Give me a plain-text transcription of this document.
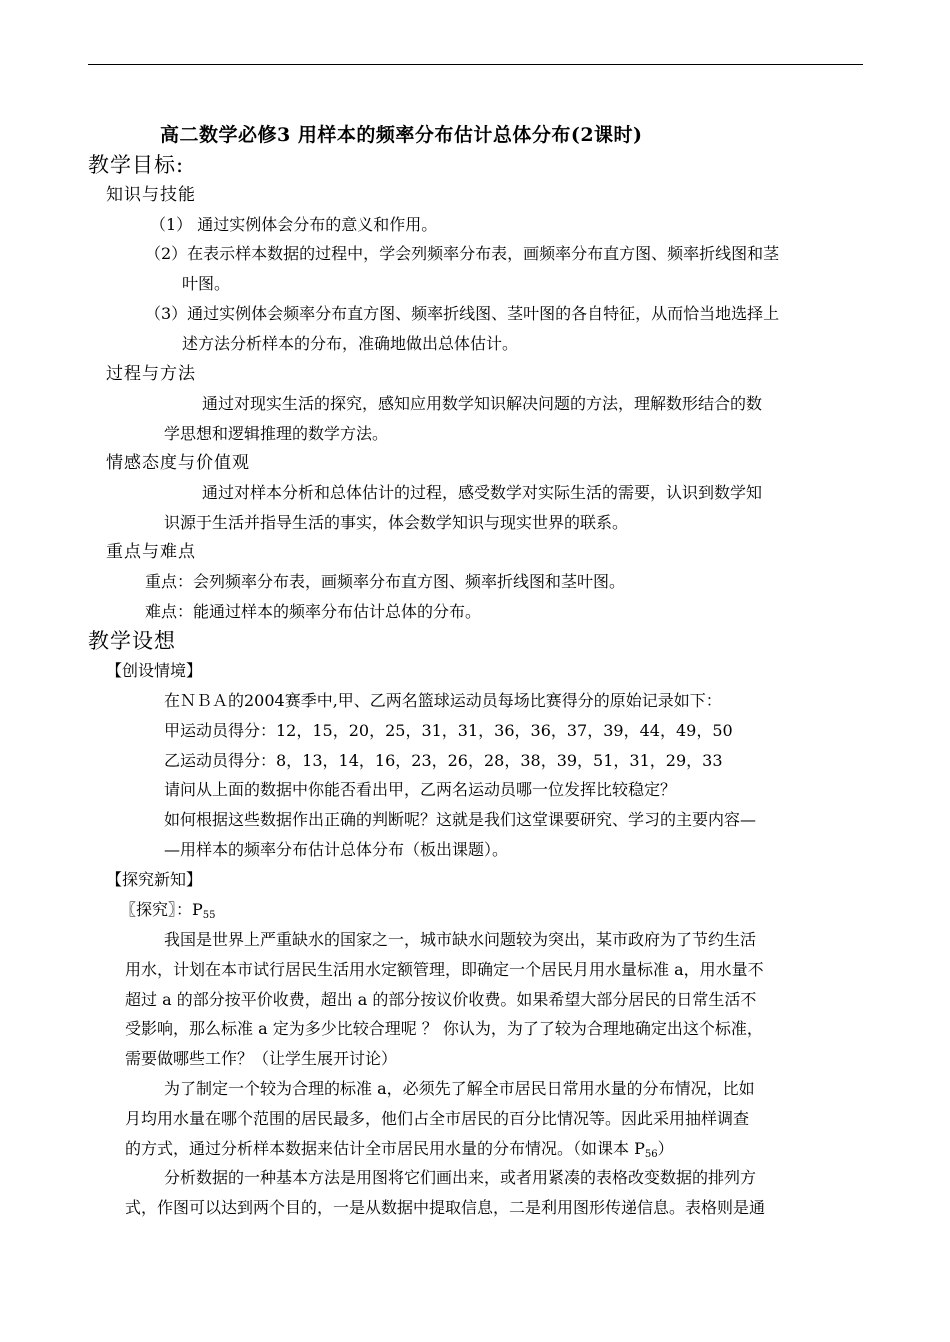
高二数学必修3 用样本的频率分布估计总体分布(2课时)
教学目标:
知识与技能
（1） 通过实例体会分布的意义和作用。
（2）在表示样本数据的过程中，学会列频率分布表，画频率分布直方图、频率折线图和茎
叶图。
（3）通过实例体会频率分布直方图、频率折线图、茎叶图的各自特征，从而恰当地选择上
述方法分析样本的分布，准确地做出总体估计。
过程与方法
通过对现实生活的探究，感知应用数学知识解决问题的方法，理解数形结合的数
学思想和逻辑推理的数学方法。
情感态度与价值观
通过对样本分析和总体估计的过程，感受数学对实际生活的需要，认识到数学知
识源于生活并指导生活的事实，体会数学知识与现实世界的联系。
重点与难点
重点：会列频率分布表，画频率分布直方图、频率折线图和茎叶图。
难点：能通过样本的频率分布估计总体的分布。
教学设想
【创设情境】
在ＮＢＡ的2004赛季中,甲、乙两名篮球运动员每场比赛得分的原始记录如下：
甲运动员得分：12，15，20，25，31，31，36，36，37，39，44，49，50
乙运动员得分：8，13，14，16，23，26，28，38，39，51，31，29，33
请问从上面的数据中你能否看出甲，乙两名运动员哪一位发挥比较稳定？
如何根据这些数据作出正确的判断呢？这就是我们这堂课要研究、学习的主要内容—
—用样本的频率分布估计总体分布（板出课题）。
【探究新知】
〖探究〗：$P_{55}$
我国是世界上严重缺水的国家之一，城市缺水问题较为突出，某市政府为了节约生活
用水，计划在本市试行居民生活用水定额管理，即确定一个居民月用水量标准 a，用水量不
超过 a 的部分按平价收费，超出 a 的部分按议价收费。如果希望大部分居民的日常生活不
受影响，那么标准 a 定为多少比较合理呢 ？ 你认为，为了了较为合理地确定出这个标准，
需要做哪些工作？（让学生展开讨论）
为了制定一个较为合理的标准 a，必须先了解全市居民日常用水量的分布情况，比如
月均用水量在哪个范围的居民最多，他们占全市居民的百分比情况等。因此采用抽样调查
的方式，通过分析样本数据来估计全市居民用水量的分布情况。（如课本 $P_{56}$）
分析数据的一种基本方法是用图将它们画出来，或者用紧凑的表格改变数据的排列方
式，作图可以达到两个目的，一是从数据中提取信息，二是利用图形传递信息。表格则是通
